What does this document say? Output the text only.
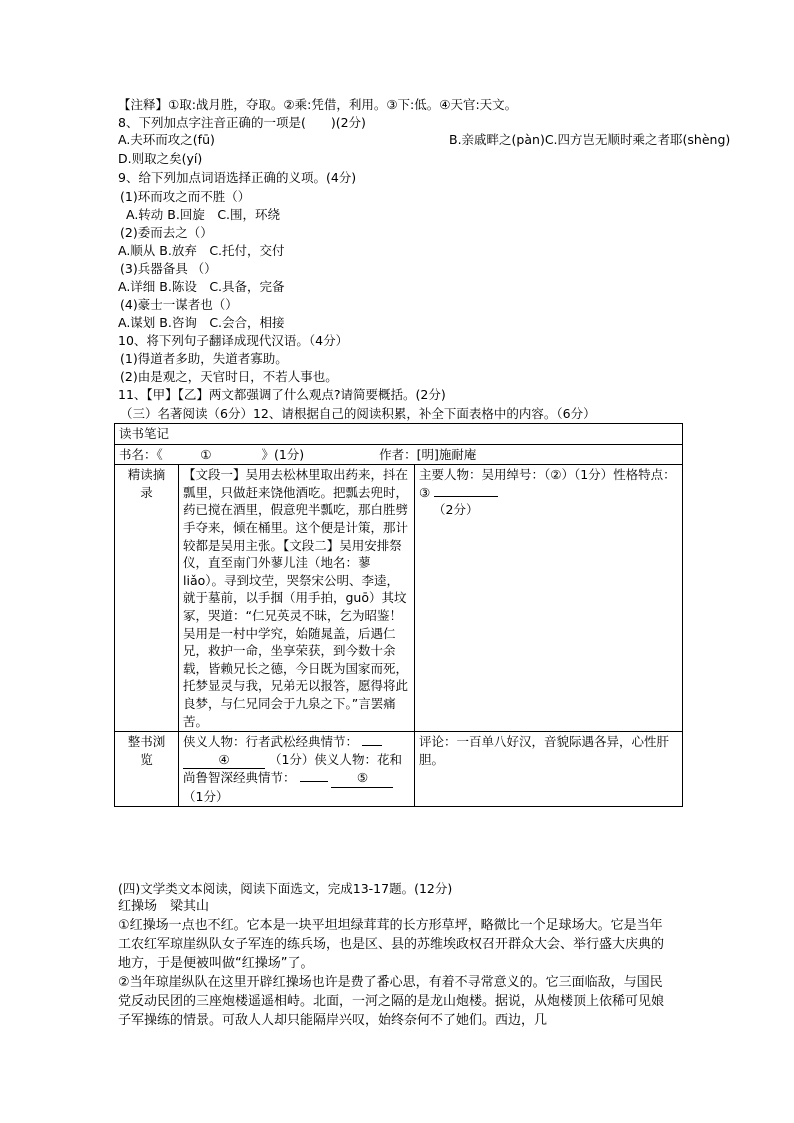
【注释】①取:战月胜，夺取。②乘:凭借，利用。③下:低。④天官:天文。
8、下列加点字注音正确的一项是(　　)(2分)
A.夫环而攻之(fū)	B.亲戚畔之(pàn)C.四方岂无顺时乘之者耶(shèng)
D.则取之矣(yí)
9、给下列加点词语选择正确的义项。(4分)
(1)环而攻之而不胜（）
A.转动 B.回旋　C.围，环绕
(2)委而去之（）
A.顺从 B.放弃　C.托付，交付
(3)兵器备具 （）
A.详细 B.陈设　C.具备，完备
(4)豪士一谋者也（）
A.谋划 B.咨询　C.会合，相接
10、将下列句子翻译成现代汉语。（4分）
(1)得道者多助，失道者寡助。
(2)由是观之，天官时日，不若人事也。
11、【甲】【乙】两文都强调了什么观点?请简要概括。(2分)
（三）名著阅读（6分）12、请根据自己的阅读积累，补全下面表格中的内容。（6分）
读书笔记		
书名：《　　　①　　　　》(1分)　　　　　　作者：[明]施耐庵		
精读摘录	【文段一】吴用去松林里取出药来，抖在瓢里，只做赶来饶他酒吃。把瓢去兜时，药已搅在酒里，假意兜半瓢吃，那白胜劈手夺来，倾在桶里。这个便是计策，那计较都是吴用主张。【文段二】吴用安排祭仪，直至南门外蓼儿洼（地名：蓼liǎo）。寻到坟茔，哭祭宋公明、李逵，就于墓前，以手掴（用手拍，guō）其坟冢，哭道：“仁兄英灵不昧，乞为昭鉴！吴用是一村中学究，始随晁盖，后遇仁兄，救护一命，坐享荣获，到今数十余载，皆赖兄长之德，今日既为国家而死，托梦显灵与我，兄弟无以报答，愿得将此良梦，与仁兄同会于九泉之下。”言罢痛苦。	主要人物：吴用绰号：（②）（1分）性格特点：③
（2分）
整书浏览	侠义人物：行者武松经典情节：  ④ （1分）侠义人物：花和尚鲁智深经典情节： ⑤ （1分）	评论：一百单八好汉，音貌际遇各异，心性肝胆。
(四)文学类文本阅读，阅读下面选文，完成13-17题。(12分)
红操场　梁其山
①红操场一点也不红。它本是一块平坦坦绿茸茸的长方形草坪，略微比一个足球场大。它是当年工农红军琼崖纵队女子军连的练兵场，也是区、县的苏维埃政权召开群众大会、举行盛大庆典的地方，于是便被叫做“红操场”了。
②当年琼崖纵队在这里开辟红操场也许是费了番心思，有着不寻常意义的。它三面临敌，与国民党反动民团的三座炮楼遥遥相峙。北面，一河之隔的是龙山炮楼。据说，从炮楼顶上依稀可见娘子军操练的情景。可敌人人却只能隔岸兴叹，始终奈何不了她们。西边，几
